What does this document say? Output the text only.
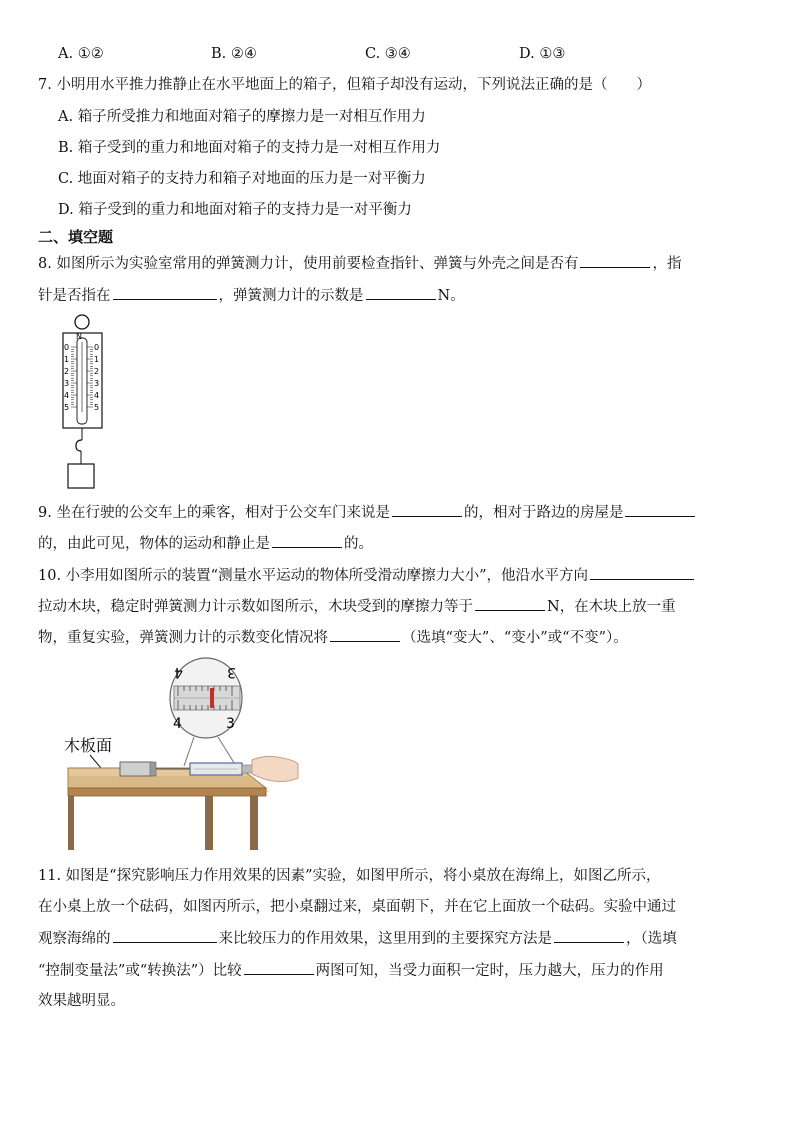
A. ①②	B. ②④	C. ③④	D. ①③
7. 小明用水平推力推静止在水平地面上的箱子，但箱子却没有运动，下列说法正确的是（　　）
A. 箱子所受推力和地面对箱子的摩擦力是一对相互作用力
B. 箱子受到的重力和地面对箱子的支持力是一对相互作用力
C. 地面对箱子的支持力和箱子对地面的压力是一对平衡力
D. 箱子受到的重力和地面对箱子的支持力是一对平衡力
二、填空题
8. 如图所示为实验室常用的弹簧测力计，使用前要检查指针、弹簧与外壳之间是否有	，指
针是否指在	，弹簧测力计的示数是	N。
N
0
1
2
3
4
5
0
1
2
3
4
5
9. 坐在行驶的公交车上的乘客，相对于公交车门来说是	的，相对于路边的房屋是
的，由此可见，物体的运动和静止是	的。
10. 小李用如图所示的装置“测量水平运动的物体所受滑动摩擦力大小”，他沿水平方向
拉动木块，稳定时弹簧测力计示数如图所示，木块受到的摩擦力等于	N，在木块上放一重
物，重复实验，弹簧测力计的示数变化情况将	（选填“变大”、“变小”或“不变”）。
4	3
4	3
木板面
11. 如图是“探究影响压力作用效果的因素”实验，如图甲所示，将小桌放在海绵上，如图乙所示，
在小桌上放一个砝码，如图丙所示，把小桌翻过来，桌面朝下，并在它上面放一个砝码。实验中通过
观察海绵的	来比较压力的作用效果，这里用到的主要探究方法是	，（选填
“控制变量法”或“转换法”）比较	两图可知，当受力面积一定时，压力越大，压力的作用
效果越明显。
